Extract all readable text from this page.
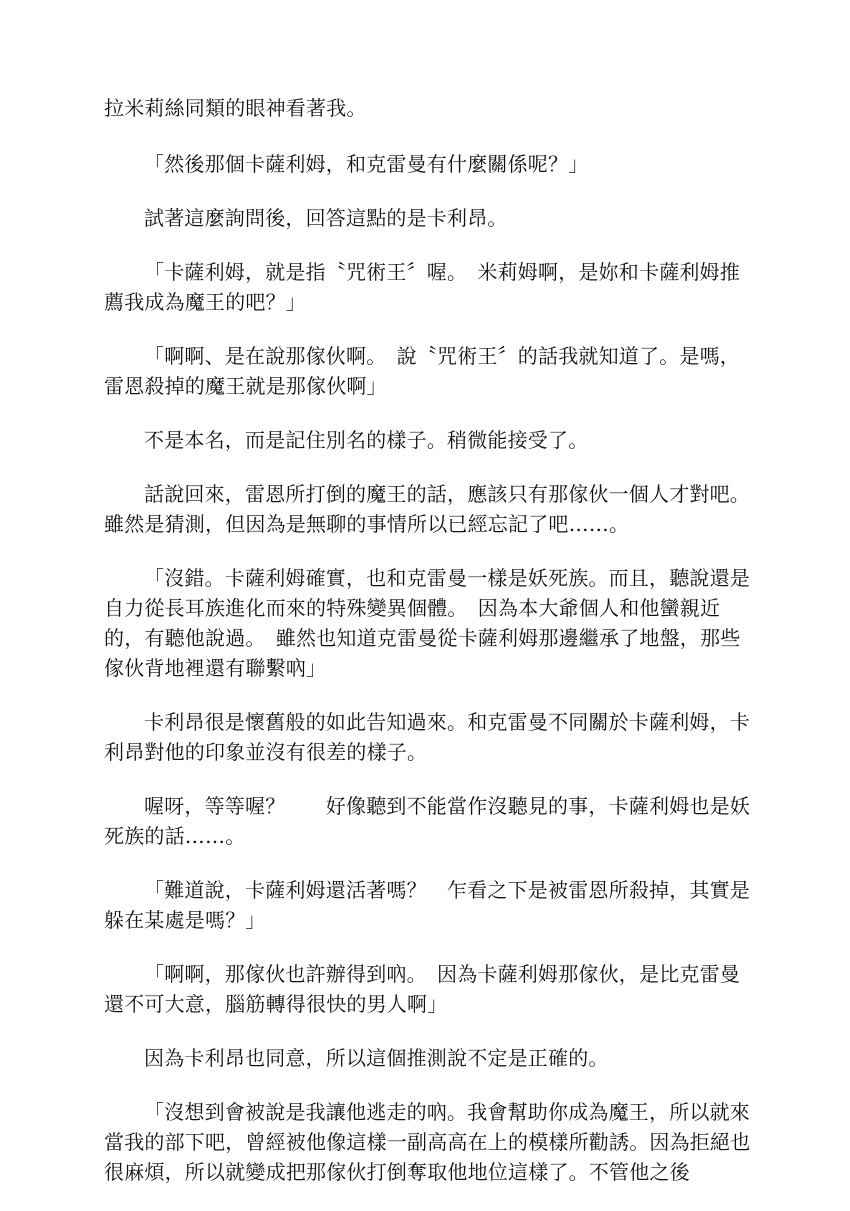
拉米莉絲同類的眼神看著我。

「然後那個卡薩利姆，和克雷曼有什麼關係呢？」

試著這麼詢問後，回答這點的是卡利昂。

「卡薩利姆，就是指〝咒術王〞喔。　米莉姆啊，是妳和卡薩利姆推薦我成為魔王的吧？」

「啊啊、是在說那傢伙啊。　說〝咒術王〞的話我就知道了。是嗎，雷恩殺掉的魔王就是那傢伙啊」

不是本名，而是記住別名的樣子。稍微能接受了。

話說回來，雷恩所打倒的魔王的話，應該只有那傢伙一個人才對吧。雖然是猜測，但因為是無聊的事情所以已經忘記了吧……。

「沒錯。卡薩利姆確實，也和克雷曼一樣是妖死族。而且，聽說還是自力從長耳族進化而來的特殊變異個體。　因為本大爺個人和他蠻親近的，有聽他說過。　雖然也知道克雷曼從卡薩利姆那邊繼承了地盤，那些傢伙背地裡還有聯繫吶」

卡利昂很是懷舊般的如此告知過來。和克雷曼不同關於卡薩利姆，卡利昂對他的印象並沒有很差的樣子。

喔呀，等等喔？　　好像聽到不能當作沒聽見的事，卡薩利姆也是妖死族的話……。

「難道說，卡薩利姆還活著嗎？　乍看之下是被雷恩所殺掉，其實是躲在某處是嗎？」

「啊啊，那傢伙也許辦得到吶。　因為卡薩利姆那傢伙，是比克雷曼還不可大意，腦筋轉得很快的男人啊」

因為卡利昂也同意，所以這個推測說不定是正確的。

「沒想到會被說是我讓他逃走的吶。我會幫助你成為魔王，所以就來當我的部下吧，曾經被他像這樣一副高高在上的模樣所勸誘。因為拒絕也很麻煩，所以就變成把那傢伙打倒奪取他地位這樣了。不管他之後
